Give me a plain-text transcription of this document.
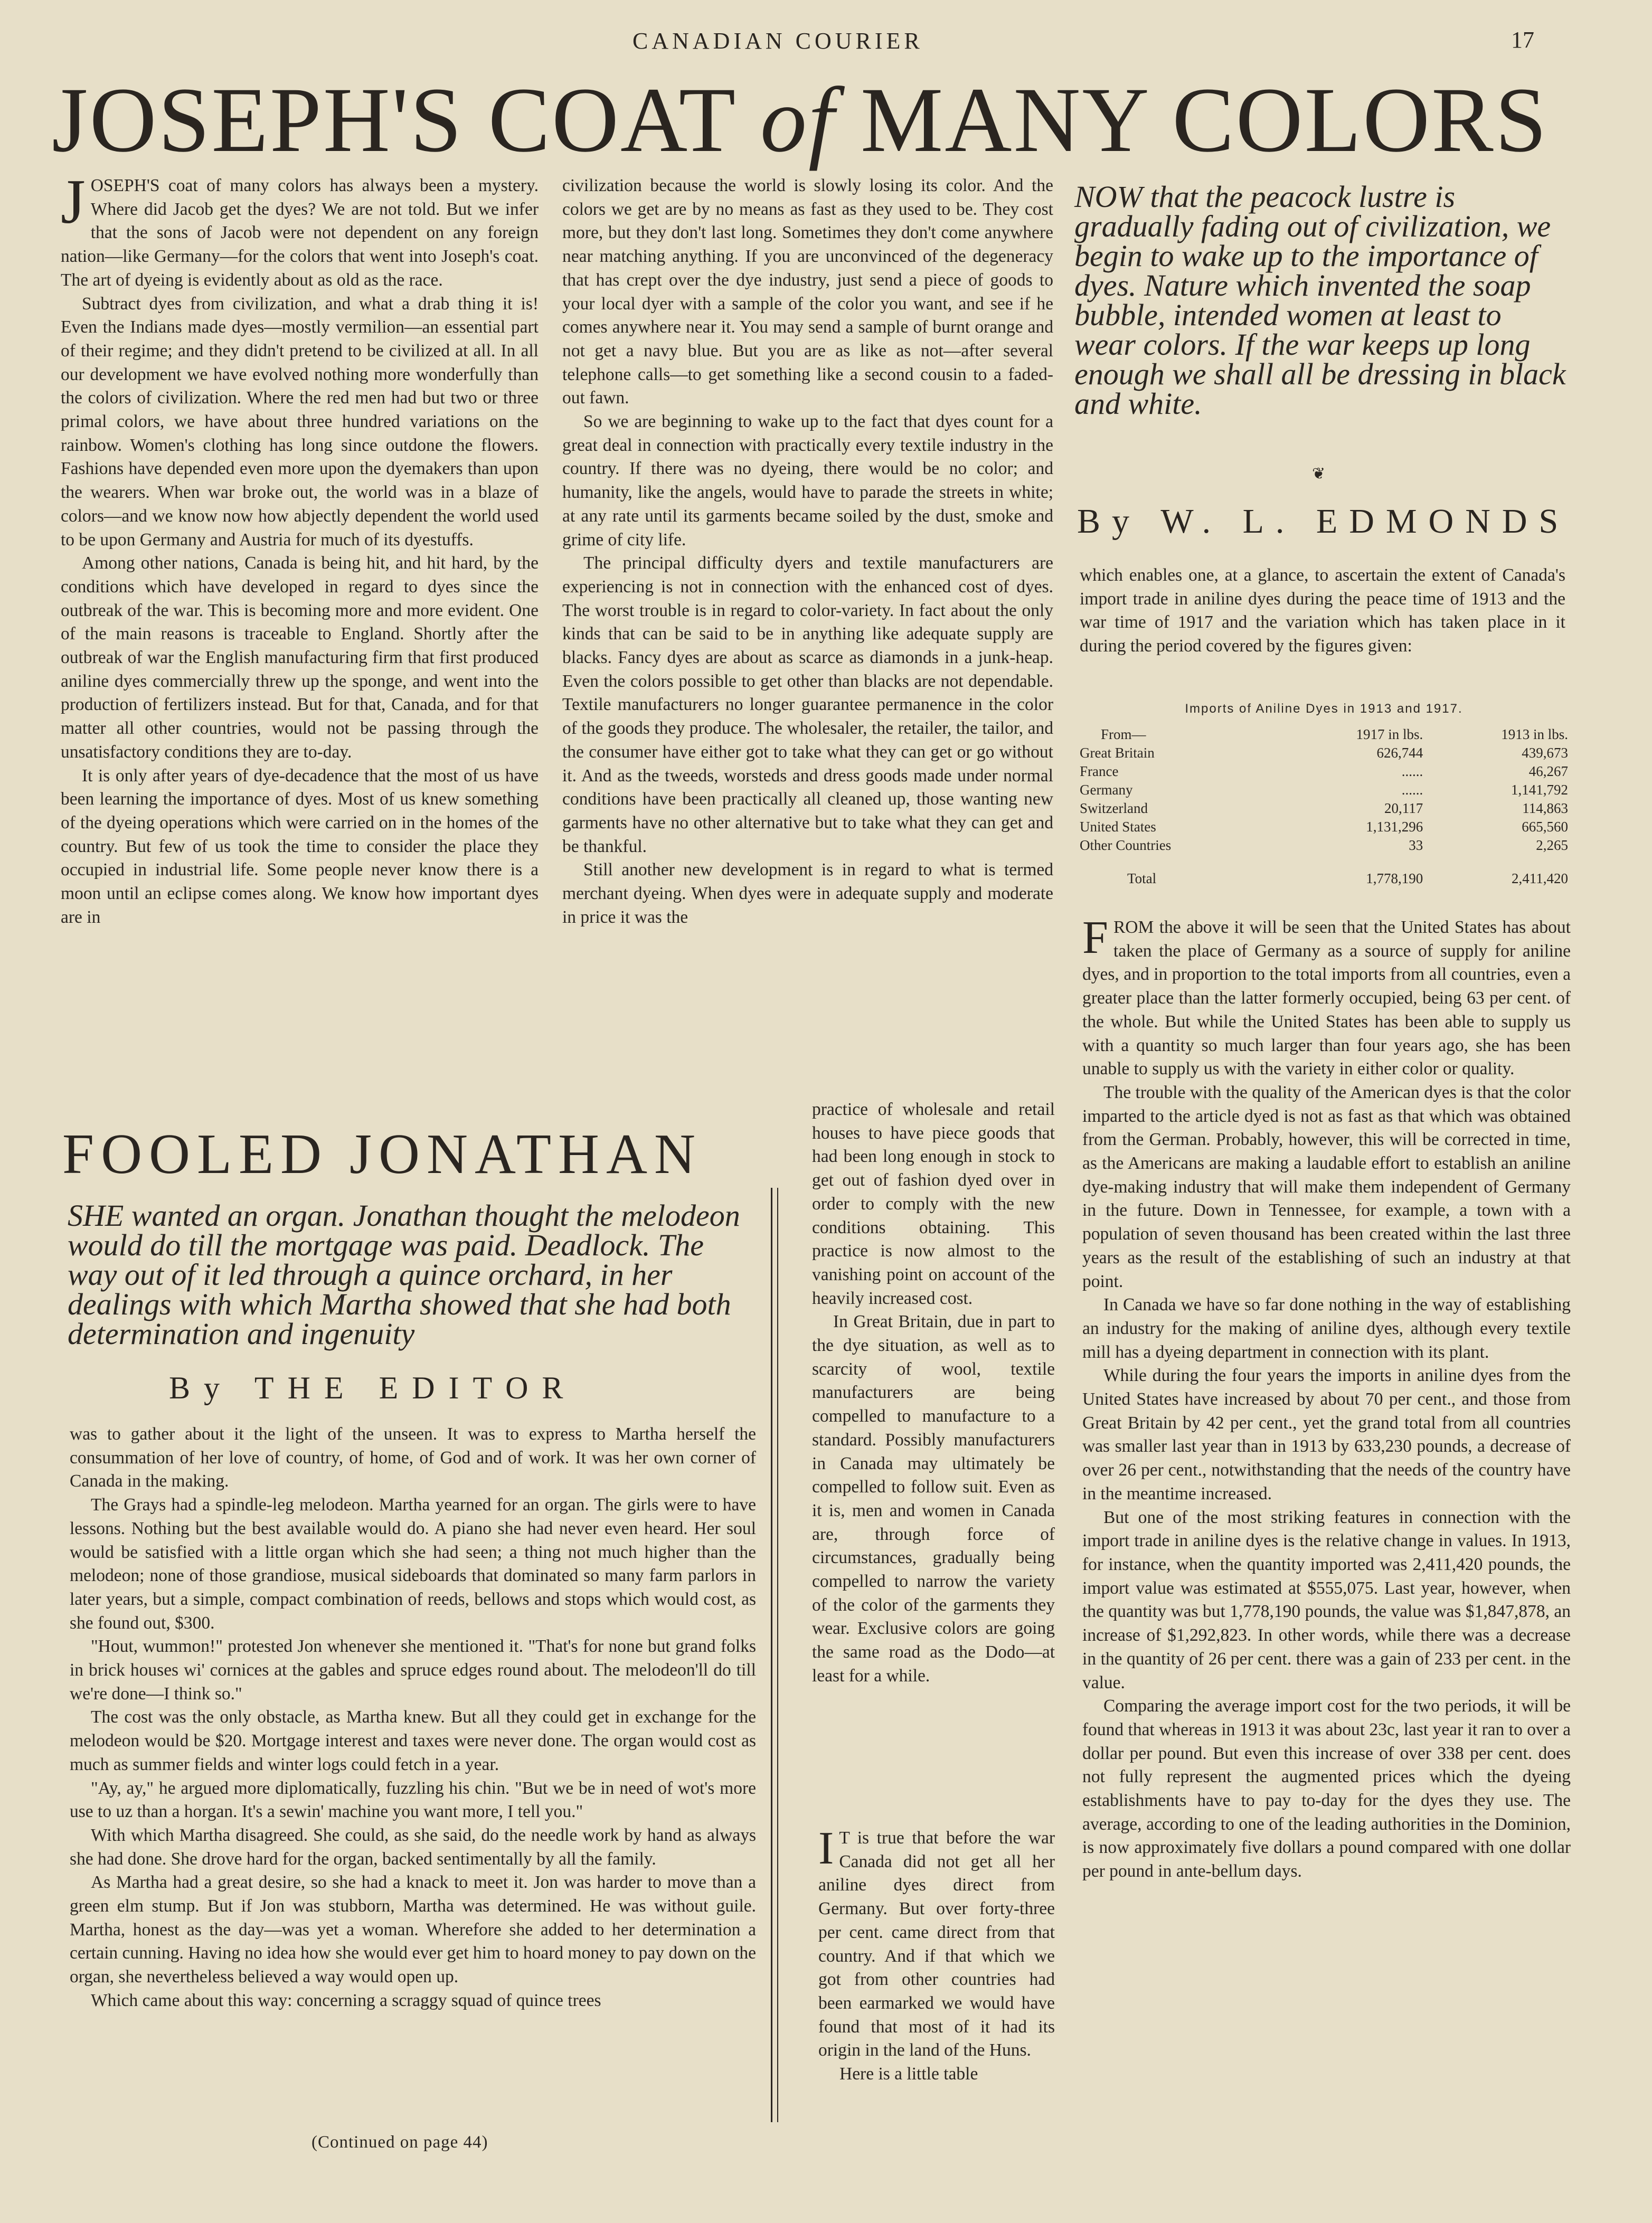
CANADIAN COURIER	17
JOSEPH'S COAT of MANY COLORS

JOSEPH'S coat of many colors has always been a mystery. Where did Jacob get the dyes? We are not told. But we infer that the sons of Jacob were not dependent on any foreign nation—like Germany—for the colors that went into Joseph's coat. The art of dyeing is evidently about as old as the race.

Subtract dyes from civilization, and what a drab thing it is! Even the Indians made dyes—mostly vermilion—an essential part of their regime; and they didn't pretend to be civilized at all. In all our development we have evolved nothing more wonderfully than the colors of civilization. Where the red men had but two or three primal colors, we have about three hundred variations on the rainbow. Women's clothing has long since outdone the flowers. Fashions have depended even more upon the dyemakers than upon the wearers. When war broke out, the world was in a blaze of colors—and we know now how abjectly dependent the world used to be upon Germany and Austria for much of its dyestuffs.

Among other nations, Canada is being hit, and hit hard, by the conditions which have developed in regard to dyes since the outbreak of the war. This is becoming more and more evident. One of the main reasons is traceable to England. Shortly after the outbreak of war the English manufacturing firm that first produced aniline dyes commercially threw up the sponge, and went into the production of fertilizers instead. But for that, Canada, and for that matter all other countries, would not be passing through the unsatisfactory conditions they are to-day.

It is only after years of dye-decadence that the most of us have been learning the importance of dyes. Most of us knew something of the dyeing operations which were carried on in the homes of the country. But few of us took the time to consider the place they occupied in industrial life. Some people never know there is a moon until an eclipse comes along. We know how important dyes are in

civilization because the world is slowly losing its color. And the colors we get are by no means as fast as they used to be. They cost more, but they don't last long. Sometimes they don't come anywhere near matching anything. If you are unconvinced of the degeneracy that has crept over the dye industry, just send a piece of goods to your local dyer with a sample of the color you want, and see if he comes anywhere near it. You may send a sample of burnt orange and not get a navy blue. But you are as like as not—after several telephone calls—to get something like a second cousin to a faded-out fawn.

So we are beginning to wake up to the fact that dyes count for a great deal in connection with practically every textile industry in the country. If there was no dyeing, there would be no color; and humanity, like the angels, would have to parade the streets in white; at any rate until its garments became soiled by the dust, smoke and grime of city life.

The principal difficulty dyers and textile manufacturers are experiencing is not in connection with the enhanced cost of dyes. The worst trouble is in regard to color-variety. In fact about the only kinds that can be said to be in anything like adequate supply are blacks. Fancy dyes are about as scarce as diamonds in a junk-heap. Even the colors possible to get other than blacks are not dependable. Textile manufacturers no longer guarantee permanence in the color of the goods they produce. The wholesaler, the retailer, the tailor, and the consumer have either got to take what they can get or go without it. And as the tweeds, worsteds and dress goods made under normal conditions have been practically all cleaned up, those wanting new garments have no other alternative but to take what they can get and be thankful.

Still another new development is in regard to what is termed merchant dyeing. When dyes were in adequate supply and moderate in price it was the

practice of wholesale and retail houses to have piece goods that had been long enough in stock to get out of fashion dyed over in order to comply with the new conditions obtaining. This practice is now almost to the vanishing point on account of the heavily increased cost.

In Great Britain, due in part to the dye situation, as well as to scarcity of wool, textile manufacturers are being compelled to manufacture to a standard. Possibly manufacturers in Canada may ultimately be compelled to follow suit. Even as it is, men and women in Canada are, through force of circumstances, gradually being compelled to narrow the variety of the color of the garments they wear. Exclusive colors are going the same road as the Dodo—at least for a while.

I T is true that before the war Canada did not get all her aniline dyes direct from Germany. But over forty-three per cent. came direct from that country. And if that which we got from other countries had been earmarked we would have found that most of it had its origin in the land of the Huns.

Here is a little table

NOW that the peacock lustre is gradually fading out of civilization, we begin to wake up to the importance of dyes. Nature which invented the soap bubble, intended women at least to wear colors. If the war keeps up long enough we shall all be dressing in black and white.
❦
By W. L. EDMONDS

which enables one, at a glance, to ascertain the extent of Canada's import trade in aniline dyes during the peace time of 1913 and the war time of 1917 and the variation which has taken place in it during the period covered by the figures given:

Imports of Aniline Dyes in 1913 and 1917.
From—	1917 in lbs.	1913 in lbs.
Great Britain	626,744	439,673
France	......	46,267
Germany	......	1,141,792
Switzerland	20,117	114,863
United States	1,131,296	665,560
Other Countries	33	2,265
Total	1,778,190	2,411,420

FROM the above it will be seen that the United States has about taken the place of Germany as a source of supply for aniline dyes, and in proportion to the total imports from all countries, even a greater place than the latter formerly occupied, being 63 per cent. of the whole. But while the United States has been able to supply us with a quantity so much larger than four years ago, she has been unable to supply us with the variety in either color or quality.

The trouble with the quality of the American dyes is that the color imparted to the article dyed is not as fast as that which was obtained from the German. Probably, however, this will be corrected in time, as the Americans are making a laudable effort to establish an aniline dye-making industry that will make them independent of Germany in the future. Down in Tennessee, for example, a town with a population of seven thousand has been created within the last three years as the result of the establishing of such an industry at that point.

In Canada we have so far done nothing in the way of establishing an industry for the making of aniline dyes, although every textile mill has a dyeing department in connection with its plant.

While during the four years the imports in aniline dyes from the United States have increased by about 70 per cent., and those from Great Britain by 42 per cent., yet the grand total from all countries was smaller last year than in 1913 by 633,230 pounds, a decrease of over 26 per cent., notwithstanding that the needs of the country have in the meantime increased.

But one of the most striking features in connection with the import trade in aniline dyes is the relative change in values. In 1913, for instance, when the quantity imported was 2,411,420 pounds, the import value was estimated at $555,075. Last year, however, when the quantity was but 1,778,190 pounds, the value was $1,847,878, an increase of $1,292,823. In other words, while there was a decrease in the quantity of 26 per cent. there was a gain of 233 per cent. in the value.

Comparing the average import cost for the two periods, it will be found that whereas in 1913 it was about 23c, last year it ran to over a dollar per pound. But even this increase of over 338 per cent. does not fully represent the augmented prices which the dyeing establishments have to pay to-day for the dyes they use. The average, according to one of the leading authorities in the Dominion, is now approximately five dollars a pound compared with one dollar per pound in ante-bellum days.

FOOLED JONATHAN
SHE wanted an organ. Jonathan thought the melodeon would do till the mortgage was paid. Deadlock. The way out of it led through a quince orchard, in her dealings with which Martha showed that she had both determination and ingenuity
By THE EDITOR

was to gather about it the light of the unseen. It was to express to Martha herself the consummation of her love of country, of home, of God and of work. It was her own corner of Canada in the making.

The Grays had a spindle-leg melodeon. Martha yearned for an organ. The girls were to have lessons. Nothing but the best available would do. A piano she had never even heard. Her soul would be satisfied with a little organ which she had seen; a thing not much higher than the melodeon; none of those grandiose, musical sideboards that dominated so many farm parlors in later years, but a simple, compact combination of reeds, bellows and stops which would cost, as she found out, $300.

"Hout, wummon!" protested Jon whenever she mentioned it. "That's for none but grand folks in brick houses wi' cornices at the gables and spruce edges round about. The melodeon'll do till we're done—I think so."

The cost was the only obstacle, as Martha knew. But all they could get in exchange for the melodeon would be $20. Mortgage interest and taxes were never done. The organ would cost as much as summer fields and winter logs could fetch in a year.

"Ay, ay," he argued more diplomatically, fuzzling his chin. "But we be in need of wot's more use to uz than a horgan. It's a sewin' machine you want more, I tell you."

With which Martha disagreed. She could, as she said, do the needle work by hand as always she had done. She drove hard for the organ, backed sentimentally by all the family.

As Martha had a great desire, so she had a knack to meet it. Jon was harder to move than a green elm stump. But if Jon was stubborn, Martha was determined. He was without guile. Martha, honest as the day—was yet a woman. Wherefore she added to her determination a certain cunning. Having no idea how she would ever get him to hoard money to pay down on the organ, she nevertheless believed a way would open up.

Which came about this way: concerning a scraggy squad of quince trees

(Continued on page 44)
